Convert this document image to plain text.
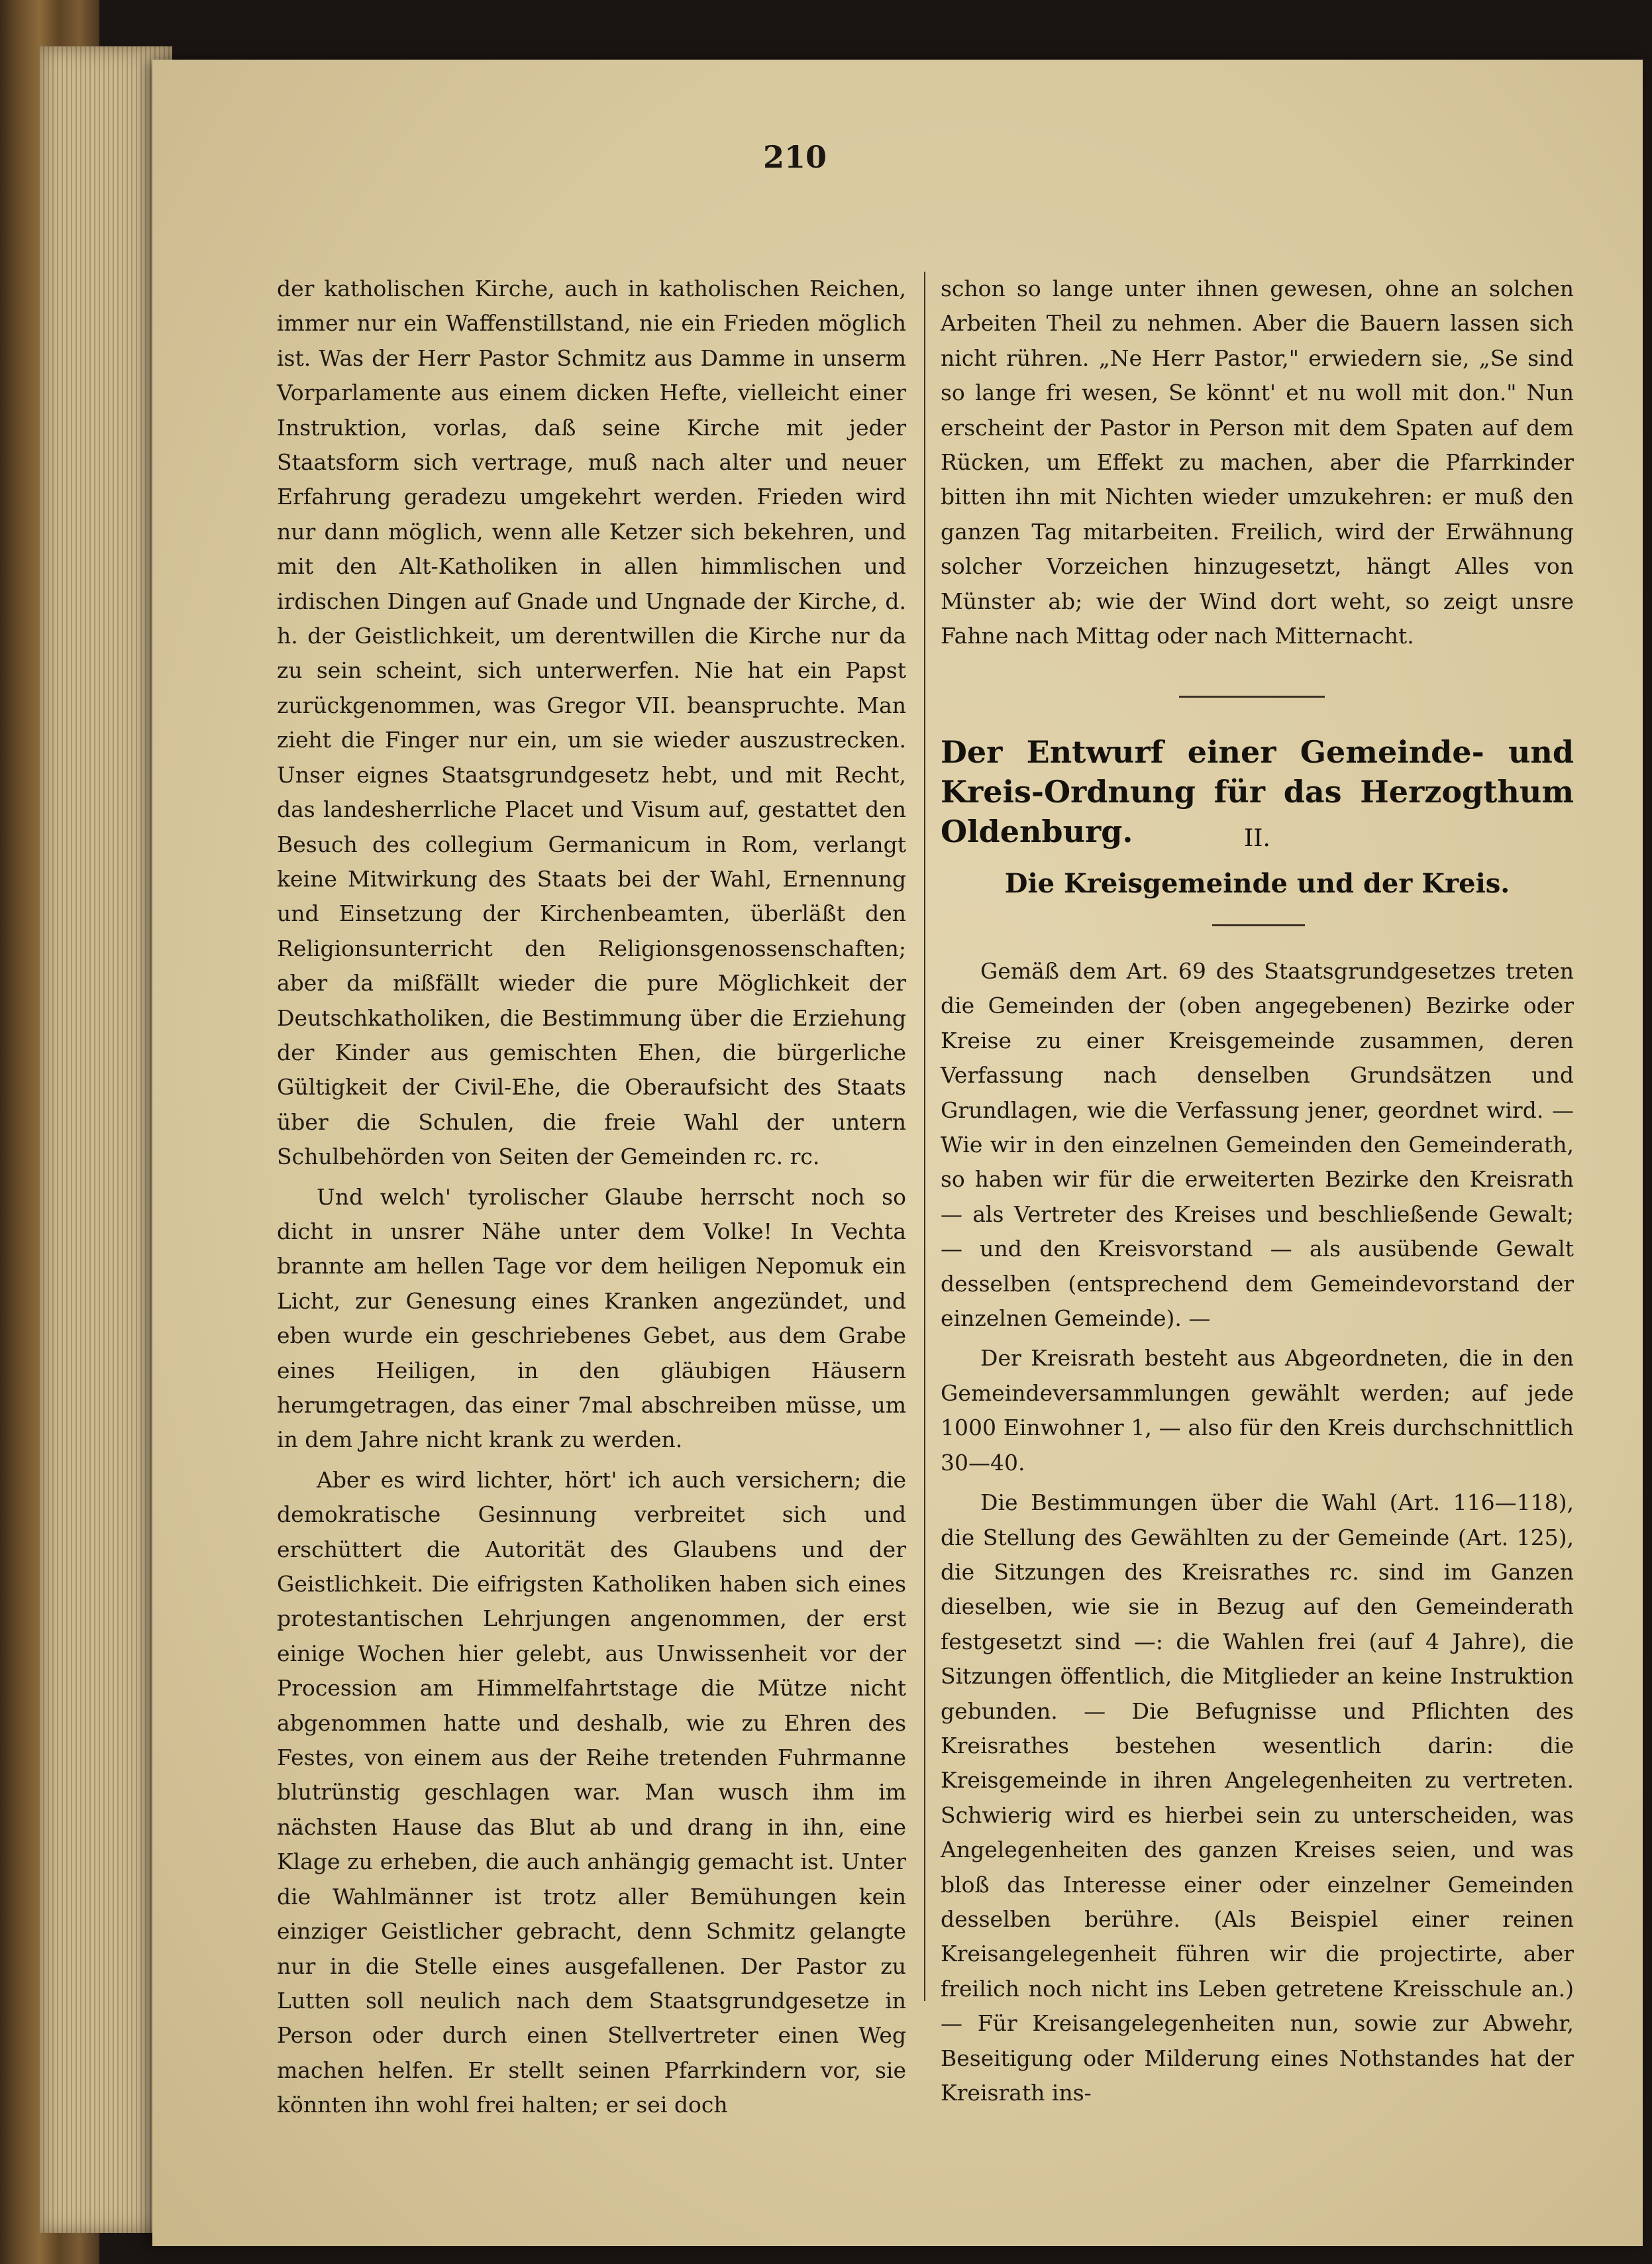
210

der katholischen Kirche, auch in katholischen Reichen, immer nur ein Waffenstillstand, nie ein Frieden möglich ist. Was der Herr Pastor Schmitz aus Damme in unserm Vorparlamente aus einem dicken Hefte, vielleicht einer Instruktion, vorlas, daß seine Kirche mit jeder Staatsform sich vertrage, muß nach alter und neuer Erfahrung geradezu umgekehrt werden. Frieden wird nur dann möglich, wenn alle Ketzer sich bekehren, und mit den Alt-Katholiken in allen himmlischen und irdischen Dingen auf Gnade und Ungnade der Kirche, d. h. der Geistlichkeit, um derentwillen die Kirche nur da zu sein scheint, sich unterwerfen. Nie hat ein Papst zurückgenommen, was Gregor VII. beanspruchte. Man zieht die Finger nur ein, um sie wieder auszustrecken. Unser eignes Staatsgrundgesetz hebt, und mit Recht, das landesherrliche Placet und Visum auf, gestattet den Besuch des collegium Germanicum in Rom, verlangt keine Mitwirkung des Staats bei der Wahl, Ernennung und Einsetzung der Kirchenbeamten, überläßt den Religionsunterricht den Religionsgenossenschaften; aber da mißfällt wieder die pure Möglichkeit der Deutschkatholiken, die Bestimmung über die Erziehung der Kinder aus gemischten Ehen, die bürgerliche Gültigkeit der Civil-Ehe, die Oberaufsicht des Staats über die Schulen, die freie Wahl der untern Schulbehörden von Seiten der Gemeinden rc. rc.

Und welch' tyrolischer Glaube herrscht noch so dicht in unsrer Nähe unter dem Volke! In Vechta brannte am hellen Tage vor dem heiligen Nepomuk ein Licht, zur Genesung eines Kranken angezündet, und eben wurde ein geschriebenes Gebet, aus dem Grabe eines Heiligen, in den gläubigen Häusern herumgetragen, das einer 7mal abschreiben müsse, um in dem Jahre nicht krank zu werden.

Aber es wird lichter, hört' ich auch versichern; die demokratische Gesinnung verbreitet sich und erschüttert die Autorität des Glaubens und der Geistlichkeit. Die eifrigsten Katholiken haben sich eines protestantischen Lehrjungen angenommen, der erst einige Wochen hier gelebt, aus Unwissenheit vor der Procession am Himmelfahrtstage die Mütze nicht abgenommen hatte und deshalb, wie zu Ehren des Festes, von einem aus der Reihe tretenden Fuhrmanne blutrünstig geschlagen war. Man wusch ihm im nächsten Hause das Blut ab und drang in ihn, eine Klage zu erheben, die auch anhängig gemacht ist. Unter die Wahlmänner ist trotz aller Bemühungen kein einziger Geistlicher gebracht, denn Schmitz gelangte nur in die Stelle eines ausgefallenen. Der Pastor zu Lutten soll neulich nach dem Staatsgrundgesetze in Person oder durch einen Stellvertreter einen Weg machen helfen. Er stellt seinen Pfarrkindern vor, sie könnten ihn wohl frei halten; er sei doch

schon so lange unter ihnen gewesen, ohne an solchen Arbeiten Theil zu nehmen. Aber die Bauern lassen sich nicht rühren. „Ne Herr Pastor," erwiedern sie, „Se sind so lange fri wesen, Se könnt' et nu woll mit don." Nun erscheint der Pastor in Person mit dem Spaten auf dem Rücken, um Effekt zu machen, aber die Pfarrkinder bitten ihn mit Nichten wieder umzukehren: er muß den ganzen Tag mitarbeiten. Freilich, wird der Erwähnung solcher Vorzeichen hinzugesetzt, hängt Alles von Münster ab; wie der Wind dort weht, so zeigt unsre Fahne nach Mittag oder nach Mitternacht.

Der Entwurf einer Gemeinde- und Kreis-Ordnung für das Herzogthum Oldenburg.	II.
Die Kreisgemeinde und der Kreis.

Gemäß dem Art. 69 des Staatsgrundgesetzes treten die Gemeinden der (oben angegebenen) Bezirke oder Kreise zu einer Kreisgemeinde zusammen, deren Verfassung nach denselben Grundsätzen und Grundlagen, wie die Verfassung jener, geordnet wird. — Wie wir in den einzelnen Gemeinden den Gemeinderath, so haben wir für die erweiterten Bezirke den Kreisrath — als Vertreter des Kreises und beschließende Gewalt; — und den Kreisvorstand — als ausübende Gewalt desselben (entsprechend dem Gemeindevorstand der einzelnen Gemeinde). —

Der Kreisrath besteht aus Abgeordneten, die in den Gemeindeversammlungen gewählt werden; auf jede 1000 Einwohner 1, — also für den Kreis durchschnittlich 30—40.

Die Bestimmungen über die Wahl (Art. 116—118), die Stellung des Gewählten zu der Gemeinde (Art. 125), die Sitzungen des Kreisrathes rc. sind im Ganzen dieselben, wie sie in Bezug auf den Gemeinderath festgesetzt sind —: die Wahlen frei (auf 4 Jahre), die Sitzungen öffentlich, die Mitglieder an keine Instruktion gebunden. — Die Befugnisse und Pflichten des Kreisrathes bestehen wesentlich darin: die Kreisgemeinde in ihren Angelegenheiten zu vertreten. Schwierig wird es hierbei sein zu unterscheiden, was Angelegenheiten des ganzen Kreises seien, und was bloß das Interesse einer oder einzelner Gemeinden desselben berühre. (Als Beispiel einer reinen Kreisangelegenheit führen wir die projectirte, aber freilich noch nicht ins Leben getretene Kreisschule an.) — Für Kreisangelegenheiten nun, sowie zur Abwehr, Beseitigung oder Milderung eines Nothstandes hat der Kreisrath ins-
